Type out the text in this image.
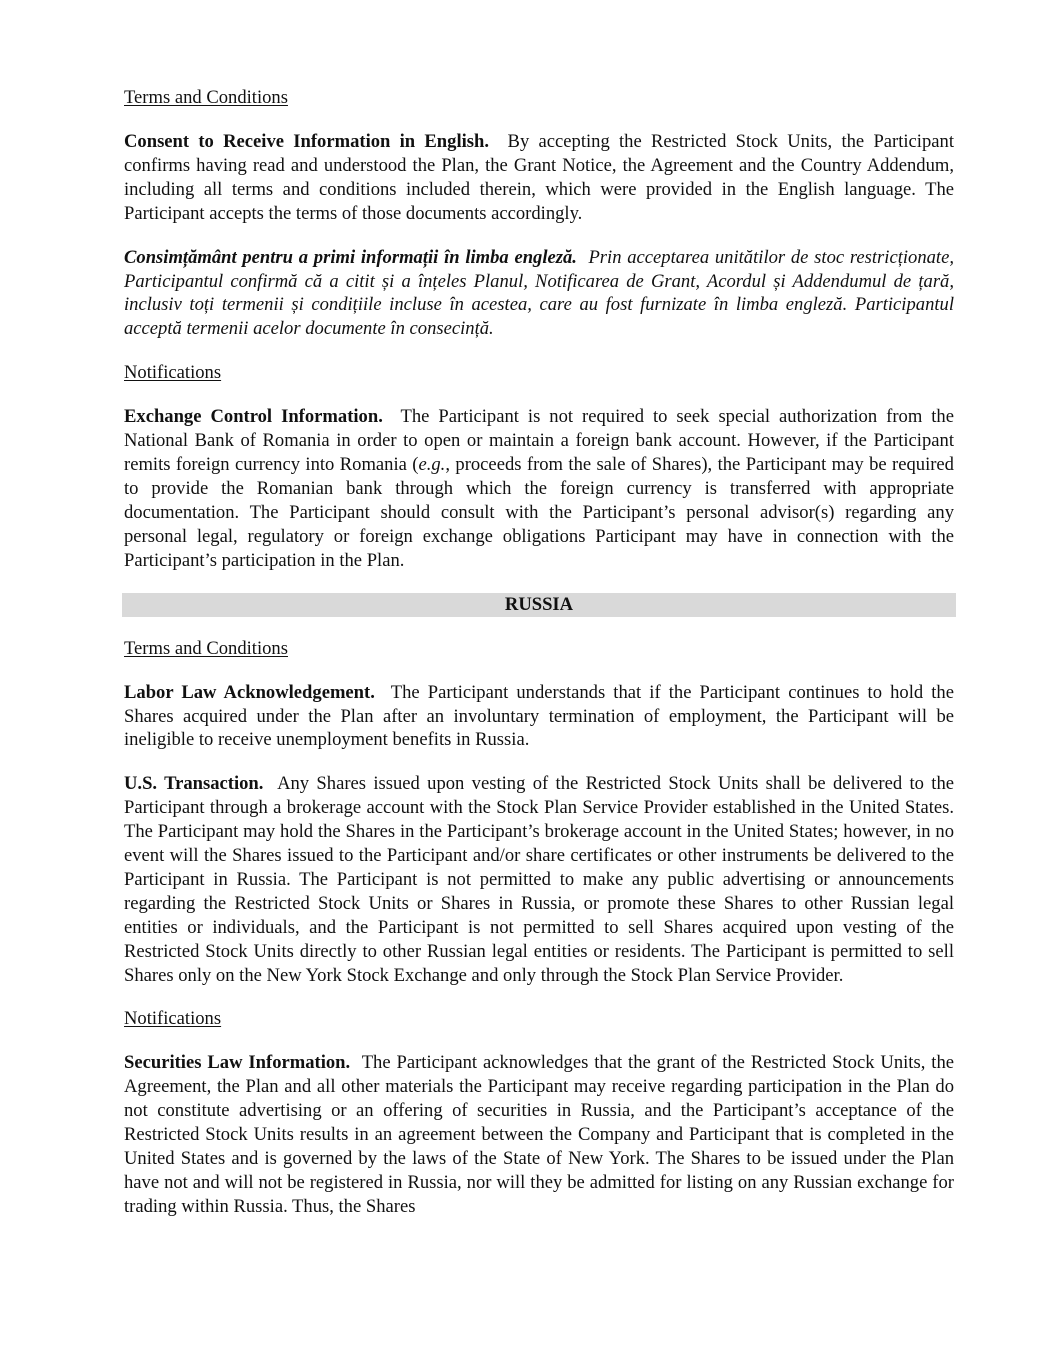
Terms and Conditions

Consent to Receive Information in English. By accepting the Restricted Stock Units, the Participant confirms having read and understood the Plan, the Grant Notice, the Agreement and the Country Addendum, including all terms and conditions included therein, which were provided in the English language. The Participant accepts the terms of those documents accordingly.

Consimțământ pentru a primi informații în limba engleză. Prin acceptarea unitătilor de stoc restricționate, Participantul confirmă că a citit și a înțeles Planul, Notificarea de Grant, Acordul și Addendumul de țară, inclusiv toți termenii și condițiile incluse în acestea, care au fost furnizate în limba engleză. Participantul acceptă termenii acelor documente în consecință.

Notifications

Exchange Control Information. The Participant is not required to seek special authorization from the National Bank of Romania in order to open or maintain a foreign bank account. However, if the Participant remits foreign currency into Romania (e.g., proceeds from the sale of Shares), the Participant may be required to provide the Romanian bank through which the foreign currency is transferred with appropriate documentation. The Participant should consult with the Participant’s personal advisor(s) regarding any personal legal, regulatory or foreign exchange obligations Participant may have in connection with the Participant’s participation in the Plan.

RUSSIA
Terms and Conditions

Labor Law Acknowledgement. The Participant understands that if the Participant continues to hold the Shares acquired under the Plan after an involuntary termination of employment, the Participant will be ineligible to receive unemployment benefits in Russia.

U.S. Transaction. Any Shares issued upon vesting of the Restricted Stock Units shall be delivered to the Participant through a brokerage account with the Stock Plan Service Provider established in the United States. The Participant may hold the Shares in the Participant’s brokerage account in the United States; however, in no event will the Shares issued to the Participant and/or share certificates or other instruments be delivered to the Participant in Russia. The Participant is not permitted to make any public advertising or announcements regarding the Restricted Stock Units or Shares in Russia, or promote these Shares to other Russian legal entities or individuals, and the Participant is not permitted to sell Shares acquired upon vesting of the Restricted Stock Units directly to other Russian legal entities or residents. The Participant is permitted to sell Shares only on the New York Stock Exchange and only through the Stock Plan Service Provider.

Notifications

Securities Law Information. The Participant acknowledges that the grant of the Restricted Stock Units, the Agreement, the Plan and all other materials the Participant may receive regarding participation in the Plan do not constitute advertising or an offering of securities in Russia, and the Participant’s acceptance of the Restricted Stock Units results in an agreement between the Company and Participant that is completed in the United States and is governed by the laws of the State of New York. The Shares to be issued under the Plan have not and will not be registered in Russia, nor will they be admitted for listing on any Russian exchange for trading within Russia. Thus, the Shares
